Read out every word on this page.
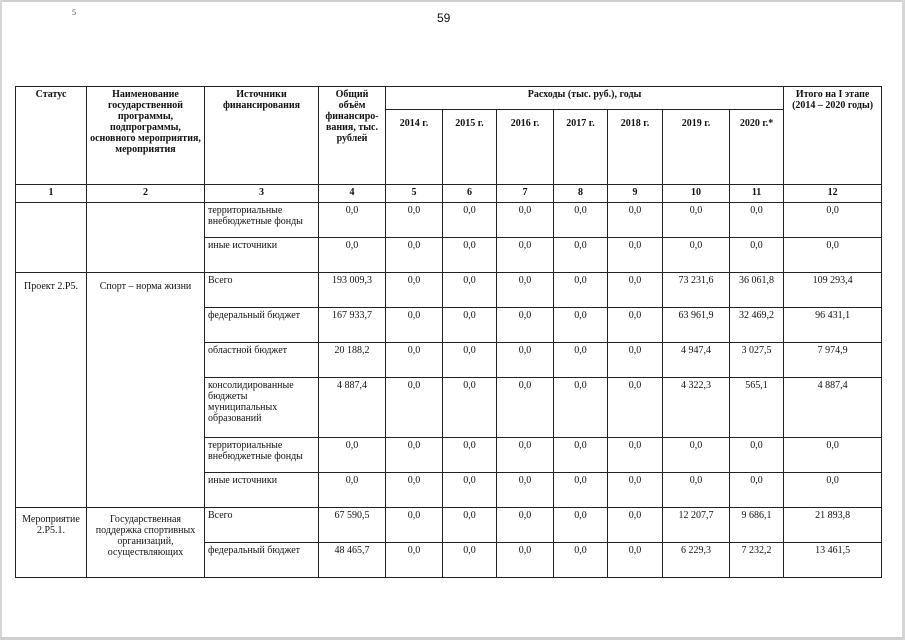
5	59
Статус	Наименование государственной программы, подпрограммы, основного мероприятия, мероприятия	Источники финансирования	Общий объём финансиро-вания, тыс. рублей	Расходы (тыс. руб.), годы							Итого на I этапе (2014 – 2020 годы)
				2014 г.	2015 г.	2016 г.	2017 г.	2018 г.	2019 г.	2020 г.*	
1	2	3	4	5	6	7	8	9	10	11	12
		территориальные внебюджетные фонды	0,0	0,0	0,0	0,0	0,0	0,0	0,0	0,0	0,0
		иные источники	0,0	0,0	0,0	0,0	0,0	0,0	0,0	0,0	0,0
Проект 2.P5.	Спорт – норма жизни	Всего	193 009,3	0,0	0,0	0,0	0,0	0,0	73 231,6	36 061,8	109 293,4
		федеральный бюджет	167 933,7	0,0	0,0	0,0	0,0	0,0	63 961,9	32 469,2	96 431,1
		областной бюджет	20 188,2	0,0	0,0	0,0	0,0	0,0	4 947,4	3 027,5	7 974,9
		консолидированные бюджеты муниципальных образований	4 887,4	0,0	0,0	0,0	0,0	0,0	4 322,3	565,1	4 887,4
		территориальные внебюджетные фонды	0,0	0,0	0,0	0,0	0,0	0,0	0,0	0,0	0,0
		иные источники	0,0	0,0	0,0	0,0	0,0	0,0	0,0	0,0	0,0
Мероприятие 2.P5.1.	Государственная поддержка спортивных организаций, осуществляющих	Всего	67 590,5	0,0	0,0	0,0	0,0	0,0	12 207,7	9 686,1	21 893,8
		федеральный бюджет	48 465,7	0,0	0,0	0,0	0,0	0,0	6 229,3	7 232,2	13 461,5
